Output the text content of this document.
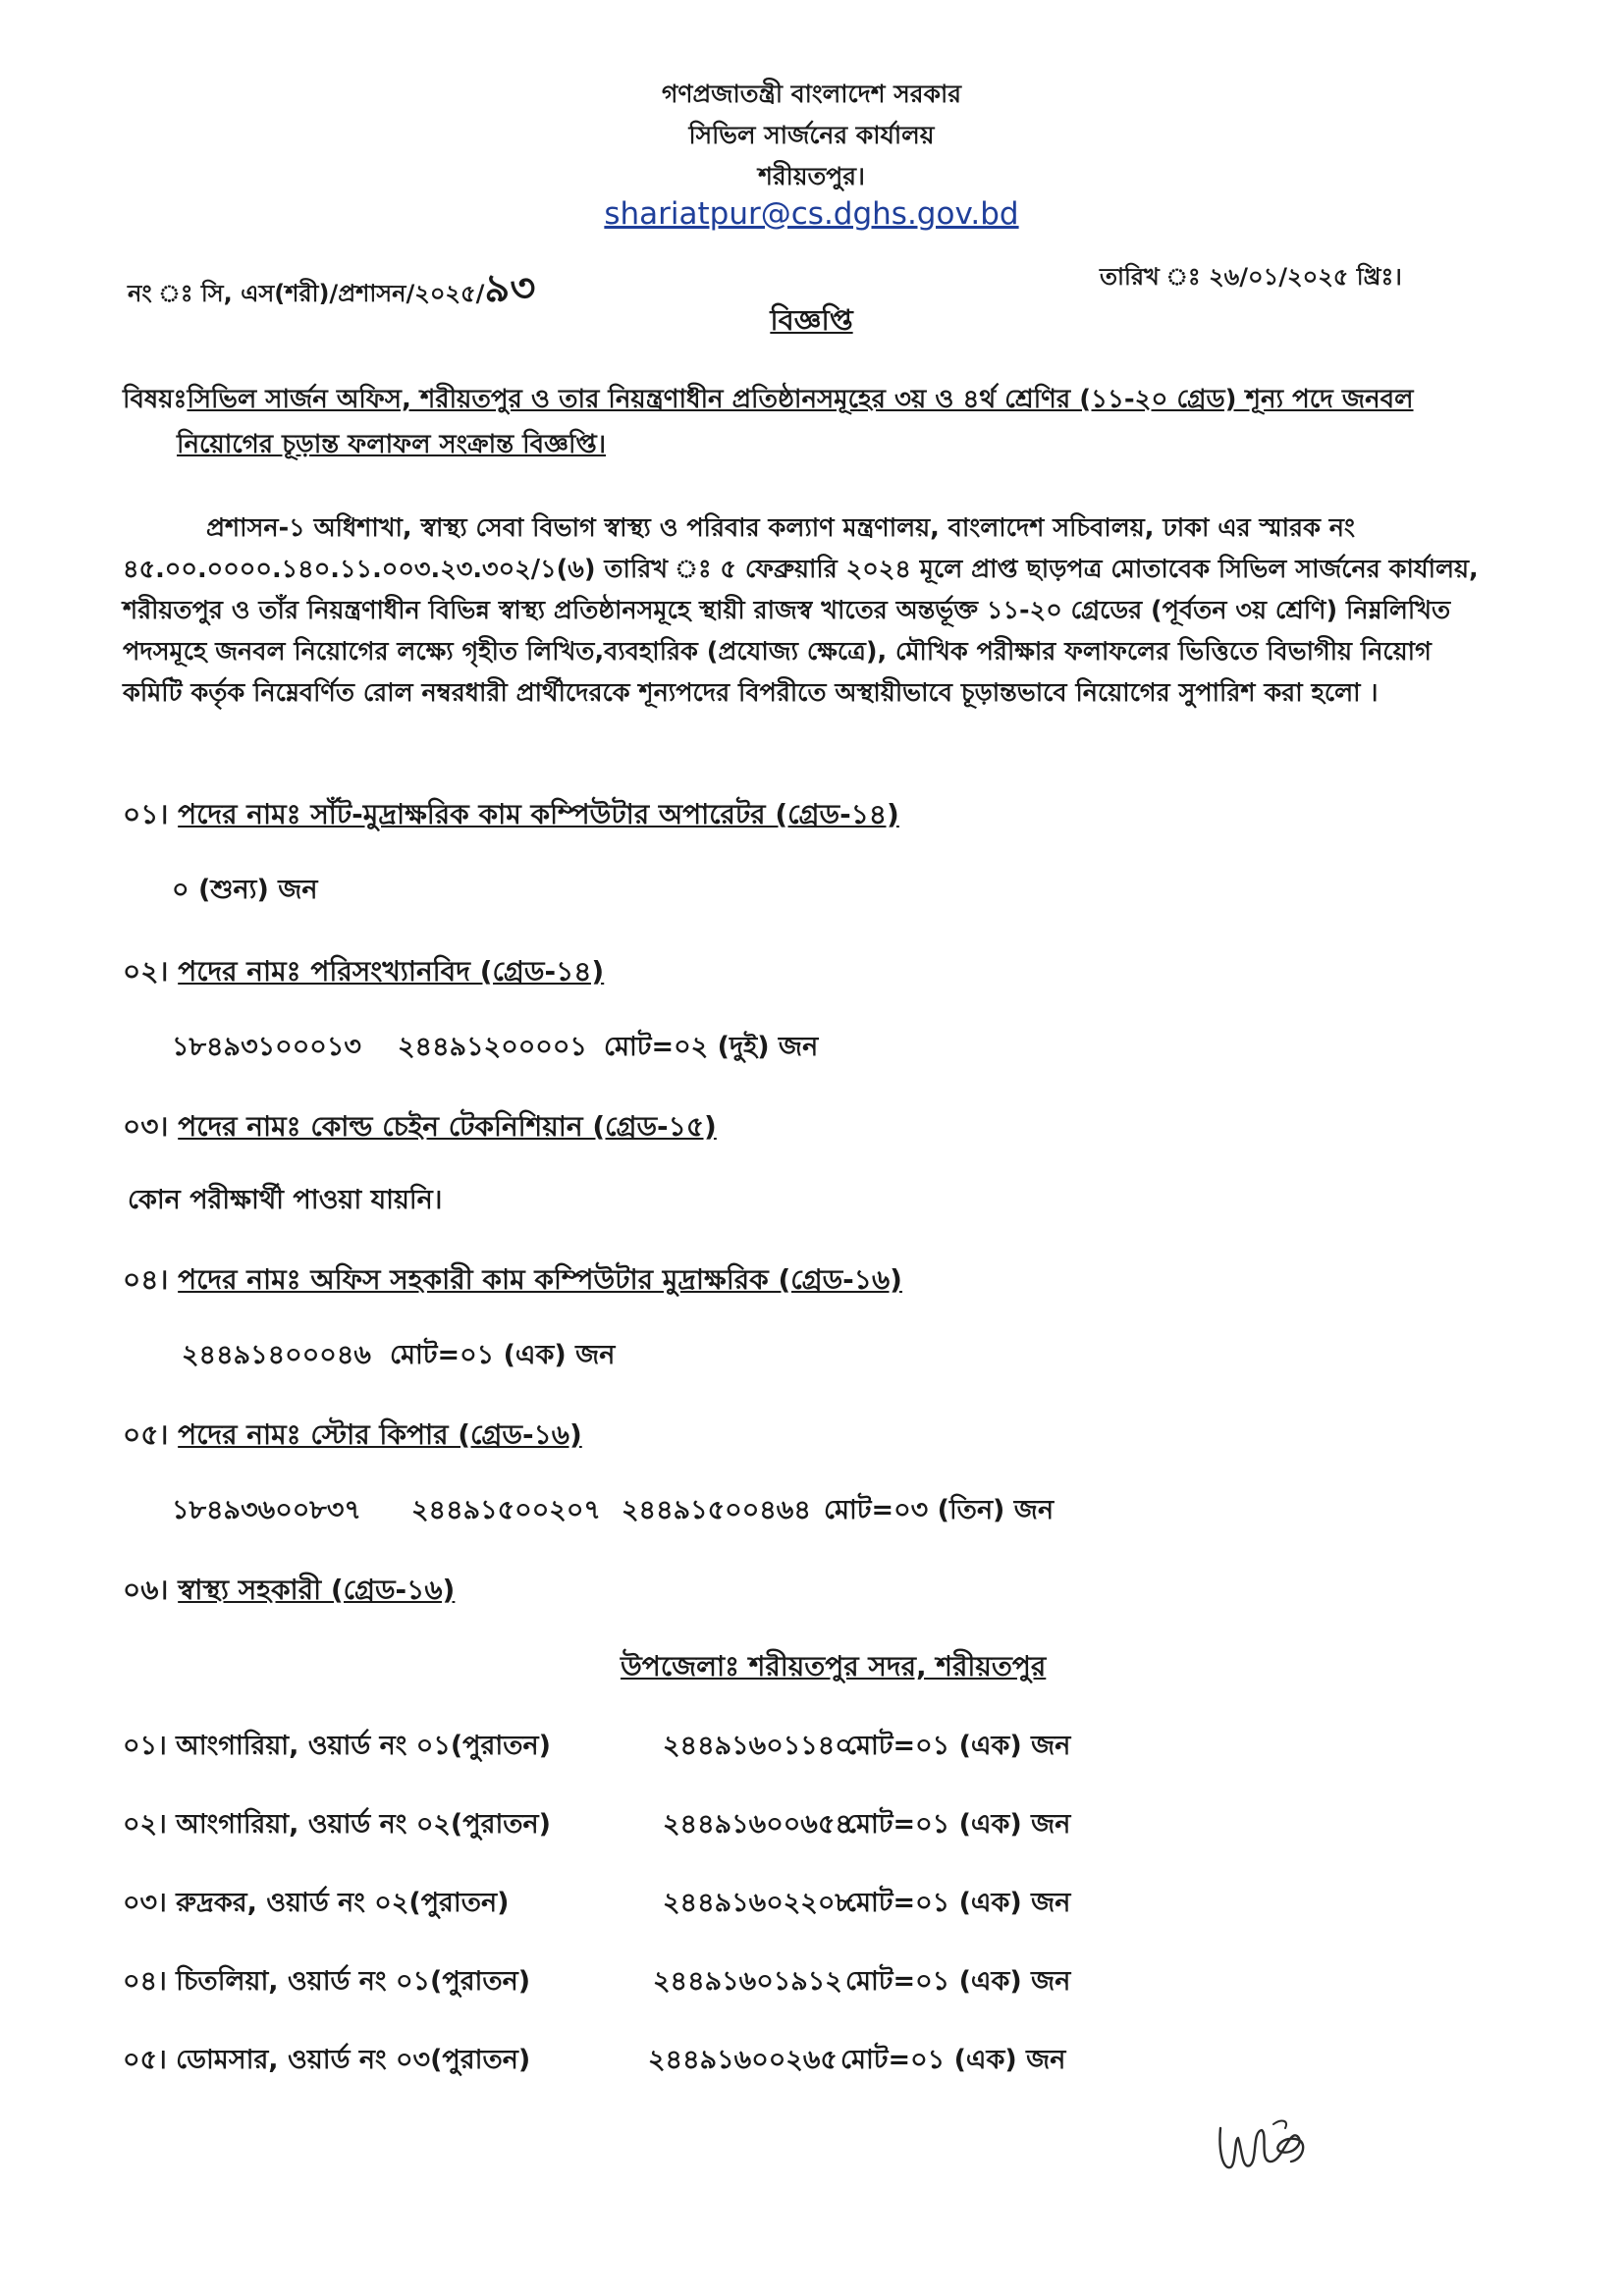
গণপ্রজাতন্ত্রী বাংলাদেশ সরকার
সিভিল সার্জনের কার্যালয়
শরীয়তপুর।
shariatpur@cs.dghs.gov.bd
নং ঃ সি, এস(শরী)/প্রশাসন/২০২৫/৯৩	তারিখ ঃ ২৬/০১/২০২৫ খ্রিঃ।
বিজ্ঞপ্তি
বিষয়ঃসিভিল সার্জন অফিস, শরীয়তপুর ও তার নিয়ন্ত্রণাধীন প্রতিষ্ঠানসমূহের ৩য় ও ৪র্থ শ্রেণির (১১-২০ গ্রেড) শূন্য পদে জনবল
নিয়োগের চূড়ান্ত ফলাফল সংক্রান্ত বিজ্ঞপ্তি।
প্রশাসন-১ অধিশাখা, স্বাস্থ্য সেবা বিভাগ স্বাস্থ্য ও পরিবার কল্যাণ মন্ত্রণালয়, বাংলাদেশ সচিবালয়, ঢাকা এর স্মারক নং
৪৫.০০.০০০০.১৪০.১১.০০৩.২৩.৩০২/১(৬) তারিখ ঃ ৫ ফেব্রুয়ারি ২০২৪ মূলে প্রাপ্ত ছাড়পত্র মোতাবেক সিভিল সার্জনের কার্যালয়,
শরীয়তপুর ও তাঁর নিয়ন্ত্রণাধীন বিভিন্ন স্বাস্থ্য প্রতিষ্ঠানসমূহে স্থায়ী রাজস্ব খাতের অন্তর্ভূক্ত ১১-২০ গ্রেডের (পূর্বতন ৩য় শ্রেণি) নিম্নলিখিত
পদসমূহে জনবল নিয়োগের লক্ষ্যে গৃহীত লিখিত,ব্যবহারিক (প্রযোজ্য ক্ষেত্রে), মৌখিক পরীক্ষার ফলাফলের ভিত্তিতে বিভাগীয় নিয়োগ
কমিটি কর্তৃক নিম্নেবর্ণিত রোল নম্বরধারী প্রার্থীদেরকে শূন্যপদের বিপরীতে অস্থায়ীভাবে চূড়ান্তভাবে নিয়োগের সুপারিশ করা হলো ।
০১। পদের নামঃ সাঁট-মুদ্রাক্ষরিক কাম কম্পিউটার অপারেটর (গ্রেড-১৪)
০ (শুন্য) জন
০২। পদের নামঃ পরিসংখ্যানবিদ (গ্রেড-১৪)
১৮৪৯৩১০০০১৩ ২৪৪৯১২০০০০১ মোট=০২ (দুই) জন
০৩। পদের নামঃ কোল্ড চেইন টেকনিশিয়ান (গ্রেড-১৫)
কোন পরীক্ষার্থী পাওয়া যায়নি।
০৪। পদের নামঃ অফিস সহকারী কাম কম্পিউটার মুদ্রাক্ষরিক (গ্রেড-১৬)
২৪৪৯১৪০০০৪৬ মোট=০১ (এক) জন
০৫। পদের নামঃ স্টোর কিপার (গ্রেড-১৬)
১৮৪৯৩৬০০৮৩৭ ২৪৪৯১৫০০২০৭ ২৪৪৯১৫০০৪৬৪ মোট=০৩ (তিন) জন
০৬। স্বাস্থ্য সহকারী (গ্রেড-১৬)
উপজেলাঃ শরীয়তপুর সদর, শরীয়তপুর
০১। আংগারিয়া, ওয়ার্ড নং ০১(পুরাতন)	২৪৪৯১৬০১১৪০মোট=০১ (এক) জন
০২। আংগারিয়া, ওয়ার্ড নং ০২(পুরাতন)	২৪৪৯১৬০০৬৫৪মোট=০১ (এক) জন
০৩। রুদ্রকর, ওয়ার্ড নং ০২(পুরাতন)	২৪৪৯১৬০২২০৮মোট=০১ (এক) জন
০৪। চিতলিয়া, ওয়ার্ড নং ০১(পুরাতন)	২৪৪৯১৬০১৯১২ মোট=০১ (এক) জন
০৫। ডোমসার, ওয়ার্ড নং ০৩(পুরাতন)	২৪৪৯১৬০০২৬৫ মোট=০১ (এক) জন
